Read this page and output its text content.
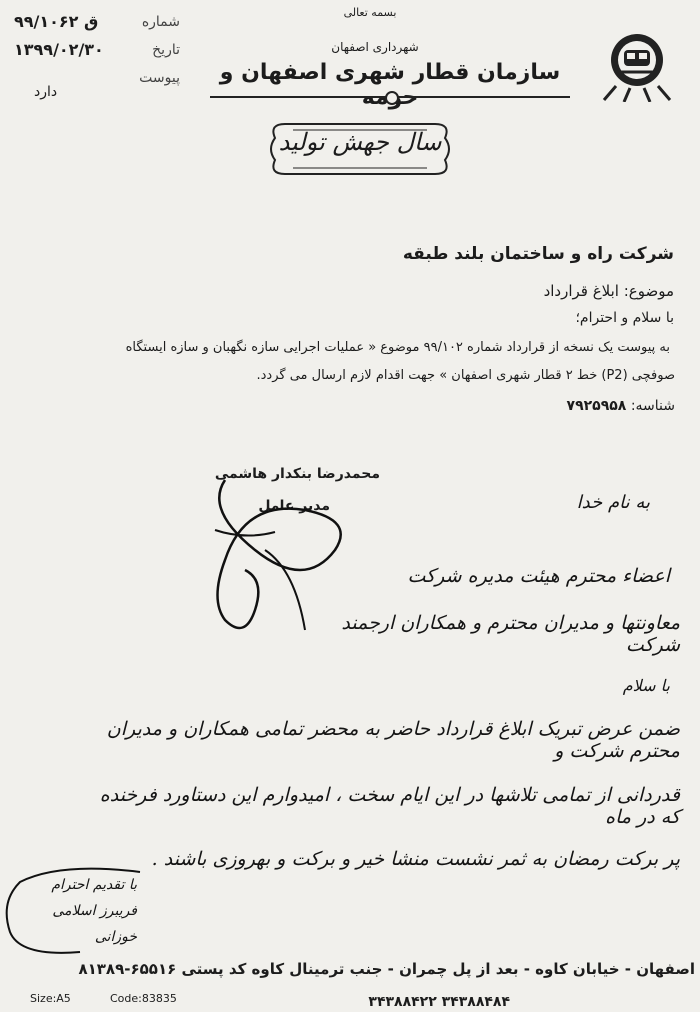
بسمه تعالی
شهرداری اصفهان
سازمان قطار شهری اصفهان و
شماره
۹۹/۱۰۶۲ ق
تاریخ
۱۳۹۹/۰۲/۳۰
پیوست
دارد
سال جهش تولید
شرکت راه و ساختمان بلند طبقه
موضوع: ابلاغ قرارداد
با سلام و احترام؛
به پیوست یک نسخه از قرارداد شماره ۹۹/۱۰۲ موضوع « عملیات اجرایی سازه نگهبان و سازه ایستگاه
صوفچی (P2) خط ۲ قطار شهری اصفهان » جهت اقدام لازم ارسال می گردد.
شناسه: ۷۹۲۵۹۵۸
محمدرضا بنکدار هاشمی
مدیر عامل	به نام خدا
اعضاء محترم هیئت مدیره شرکت
معاونتها و مدیران محترم و همکاران ارجمند شرکت
با سلام
ضمن عرض تبریک ابلاغ قرارداد حاضر به محضر تمامی همکاران و مدیران محترم شرکت و
قدردانی از تمامی تلاشها در این ایام سخت ، امیدوارم این دستاورد فرخنده که در ماه
پر برکت رمضان به ثمر نشست منشا خیر و برکت و بهروزی باشند .
با تقدیم احترام
فریبرز اسلامی خوزانی
اصفهان - خیابان کاوه - بعد از پل چمران - جنب ترمینال کاوه کد پستی ۶۵۵۱۶-۸۱۳۸۹
Size:A5	Code:83835	۳۴۳۸۸۴۸۴ ۳۴۳۸۸۴۲۲
